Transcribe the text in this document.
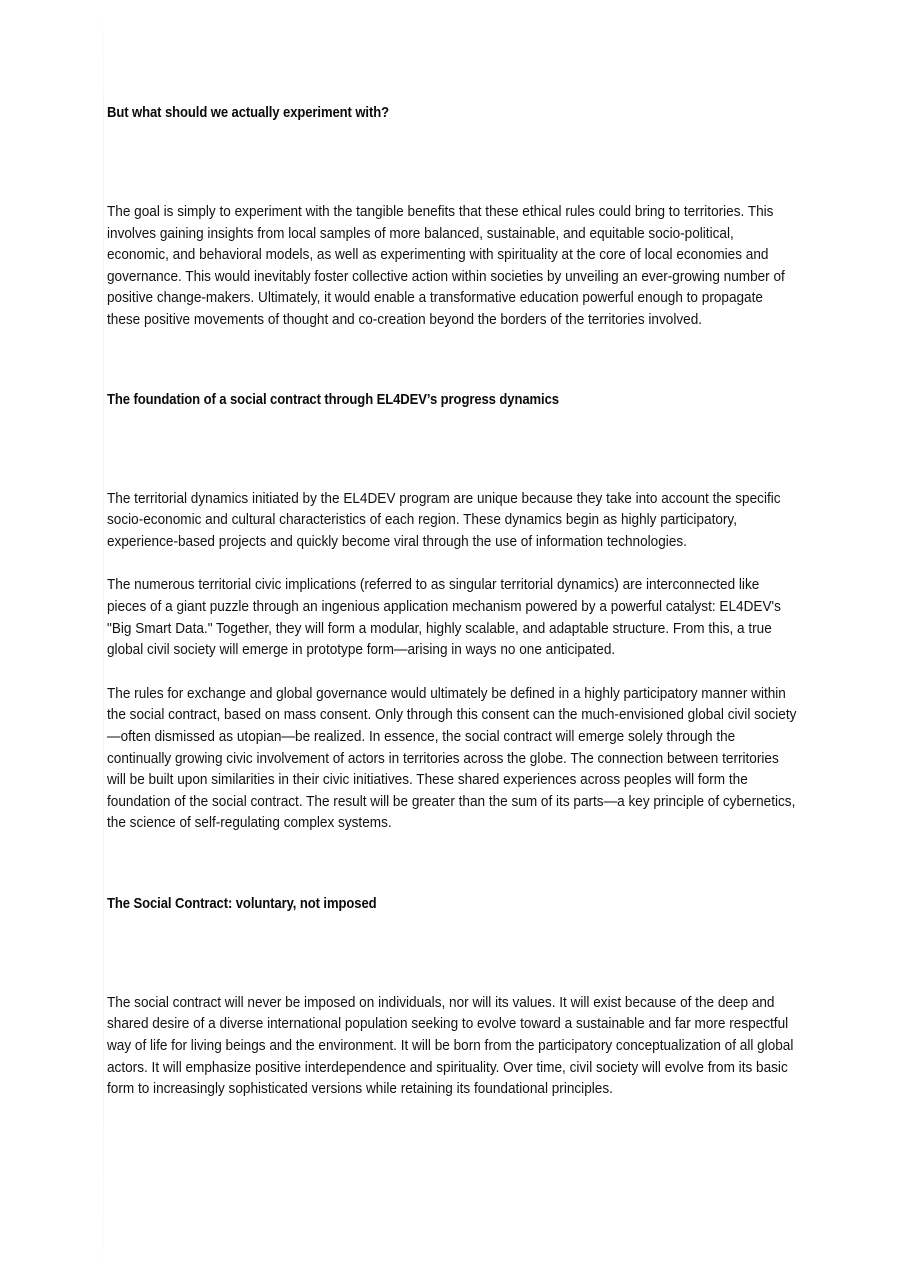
But what should we actually experiment with?

The goal is simply to experiment with the tangible benefits that these ethical rules could bring to territories. This involves gaining insights from local samples of more balanced, sustainable, and equitable socio-political, economic, and behavioral models, as well as experimenting with spirituality at the core of local economies and governance. This would inevitably foster collective action within societies by unveiling an ever-growing number of positive change-makers. Ultimately, it would enable a transformative education powerful enough to propagate these positive movements of thought and co-creation beyond the borders of the territories involved.

The foundation of a social contract through EL4DEV’s progress dynamics

The territorial dynamics initiated by the EL4DEV program are unique because they take into account the specific socio-economic and cultural characteristics of each region. These dynamics begin as highly participatory, experience-based projects and quickly become viral through the use of information technologies.

The numerous territorial civic implications (referred to as singular territorial dynamics) are interconnected like pieces of a giant puzzle through an ingenious application mechanism powered by a powerful catalyst: EL4DEV's "Big Smart Data." Together, they will form a modular, highly scalable, and adaptable structure. From this, a true global civil society will emerge in prototype form—arising in ways no one anticipated.

The rules for exchange and global governance would ultimately be defined in a highly participatory manner within the social contract, based on mass consent. Only through this consent can the much-envisioned global civil society—often dismissed as utopian—be realized. In essence, the social contract will emerge solely through the continually growing civic involvement of actors in territories across the globe. The connection between territories will be built upon similarities in their civic initiatives. These shared experiences across peoples will form the foundation of the social contract. The result will be greater than the sum of its parts—a key principle of cybernetics, the science of self-regulating complex systems.

The Social Contract: voluntary, not imposed

The social contract will never be imposed on individuals, nor will its values. It will exist because of the deep and shared desire of a diverse international population seeking to evolve toward a sustainable and far more respectful way of life for living beings and the environment. It will be born from the participatory conceptualization of all global actors. It will emphasize positive interdependence and spirituality. Over time, civil society will evolve from its basic form to increasingly sophisticated versions while retaining its foundational principles.
